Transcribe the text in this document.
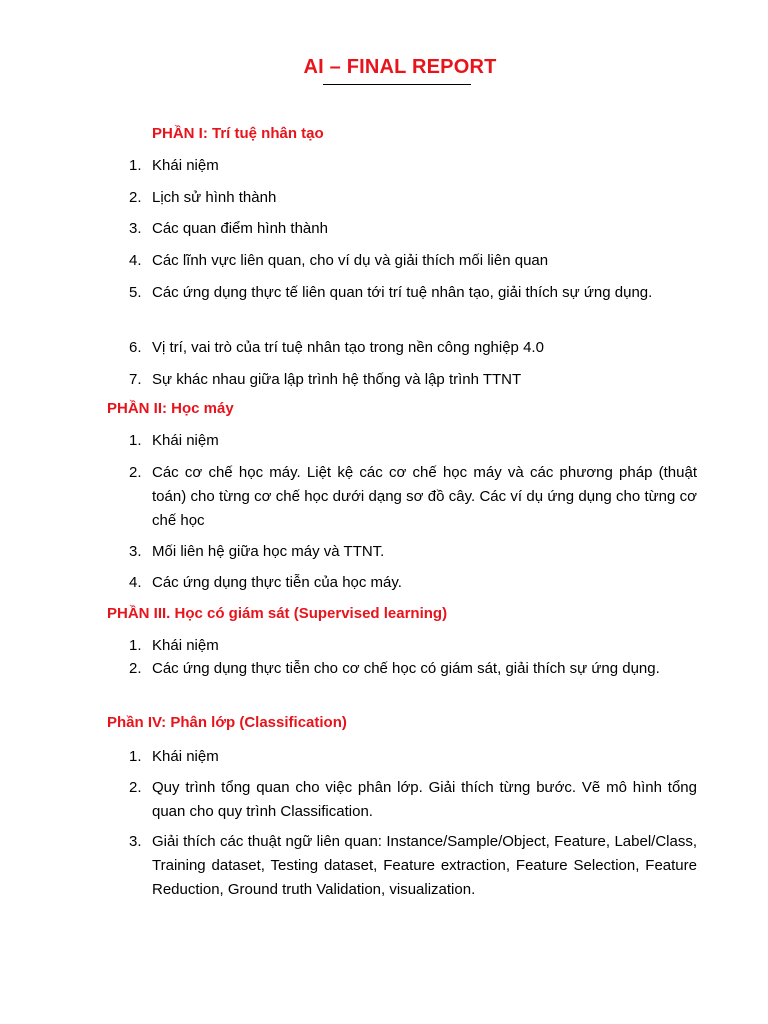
AI – FINAL REPORT
PHẦN I: Trí tuệ nhân tạo
1. Khái niệm
2. Lịch sử hình thành
3. Các quan điểm hình thành
4. Các lĩnh vực liên quan, cho ví dụ và giải thích mối liên quan
5. Các ứng dụng thực tế liên quan tới trí tuệ nhân tạo, giải thích sự ứng dụng.
6. Vị trí, vai trò của trí tuệ nhân tạo trong nền công nghiệp 4.0
7. Sự khác nhau giữa lập trình hệ thống và lập trình TTNT
PHẦN II: Học máy
1. Khái niệm
2. Các cơ chế học máy. Liệt kệ các cơ chế học máy và các phương pháp (thuật toán) cho từng cơ chế học dưới dạng sơ đồ cây. Các ví dụ ứng dụng cho từng cơ chế học
3. Mối liên hệ giữa học máy và TTNT.
4. Các ứng dụng thực tiễn của học máy.
PHẦN III. Học có giám sát (Supervised learning)
1. Khái niệm
2. Các ứng dụng thực tiễn cho cơ chế học có giám sát, giải thích sự ứng dụng.
Phần IV: Phân lớp (Classification)
1. Khái niệm
2. Quy trình tổng quan cho việc phân lớp. Giải thích từng bước. Vẽ mô hình tổng quan cho quy trình Classification.
3. Giải thích các thuật ngữ liên quan: Instance/Sample/Object, Feature, Label/Class, Training dataset, Testing dataset, Feature extraction, Feature Selection, Feature Reduction, Ground truth Validation, visualization.
